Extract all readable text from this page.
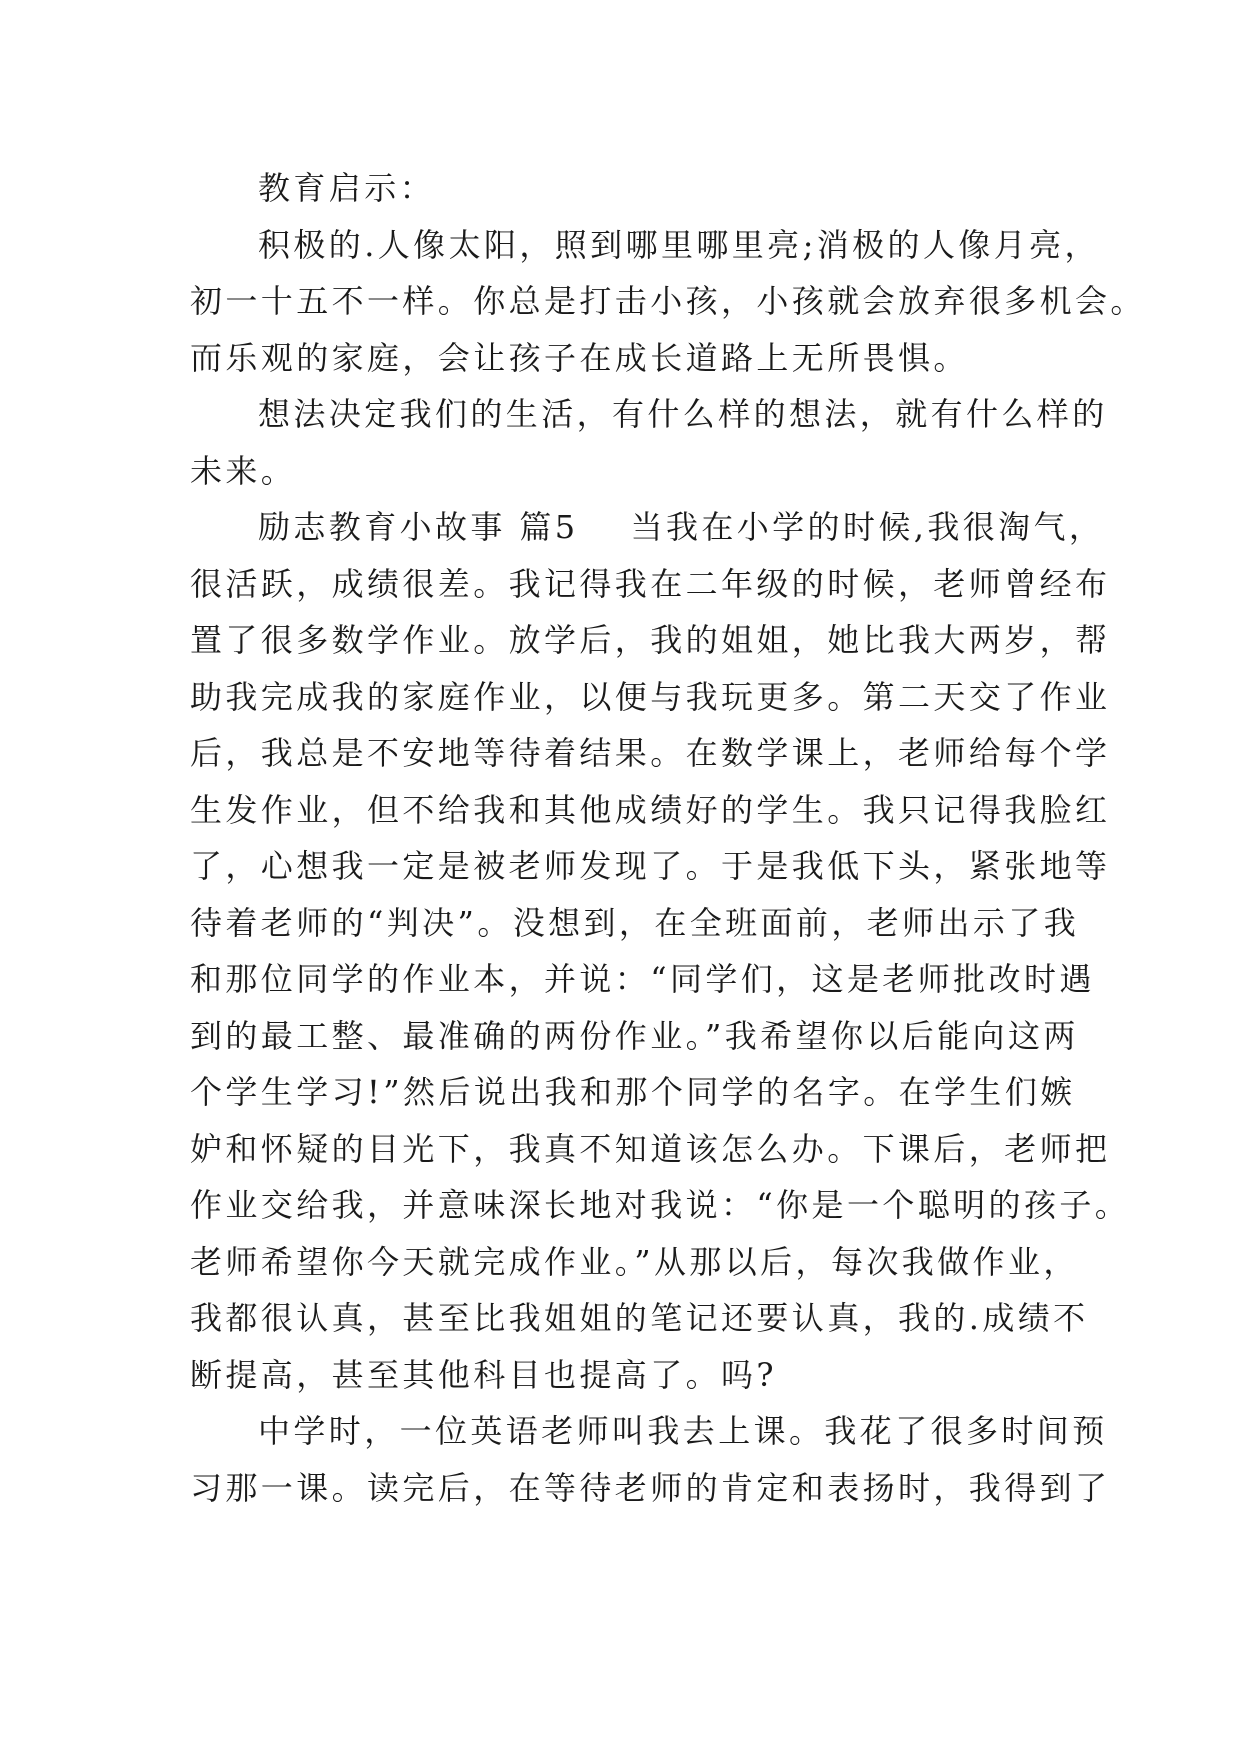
教育启示：
积极的.人像太阳，照到哪里哪里亮;消极的人像月亮，
初一十五不一样。你总是打击小孩，小孩就会放弃很多机会。
而乐观的家庭，会让孩子在成长道路上无所畏惧。
想法决定我们的生活，有什么样的想法，就有什么样的
未来。
励志教育小故事 篇5 当我在小学的时候,我很淘气，
很活跃，成绩很差。我记得我在二年级的时候，老师曾经布
置了很多数学作业。放学后，我的姐姐，她比我大两岁，帮
助我完成我的家庭作业，以便与我玩更多。第二天交了作业
后，我总是不安地等待着结果。在数学课上，老师给每个学
生发作业，但不给我和其他成绩好的学生。我只记得我脸红
了，心想我一定是被老师发现了。于是我低下头，紧张地等
待着老师的“判决”。没想到，在全班面前，老师出示了我
和那位同学的作业本，并说：“同学们，这是老师批改时遇
到的最工整、最准确的两份作业。”我希望你以后能向这两
个学生学习!”然后说出我和那个同学的名字。在学生们嫉
妒和怀疑的目光下，我真不知道该怎么办。下课后，老师把
作业交给我，并意味深长地对我说：“你是一个聪明的孩子。
老师希望你今天就完成作业。”从那以后，每次我做作业，
我都很认真，甚至比我姐姐的笔记还要认真，我的.成绩不
断提高，甚至其他科目也提高了。吗?
中学时，一位英语老师叫我去上课。我花了很多时间预
习那一课。读完后，在等待老师的肯定和表扬时，我得到了
